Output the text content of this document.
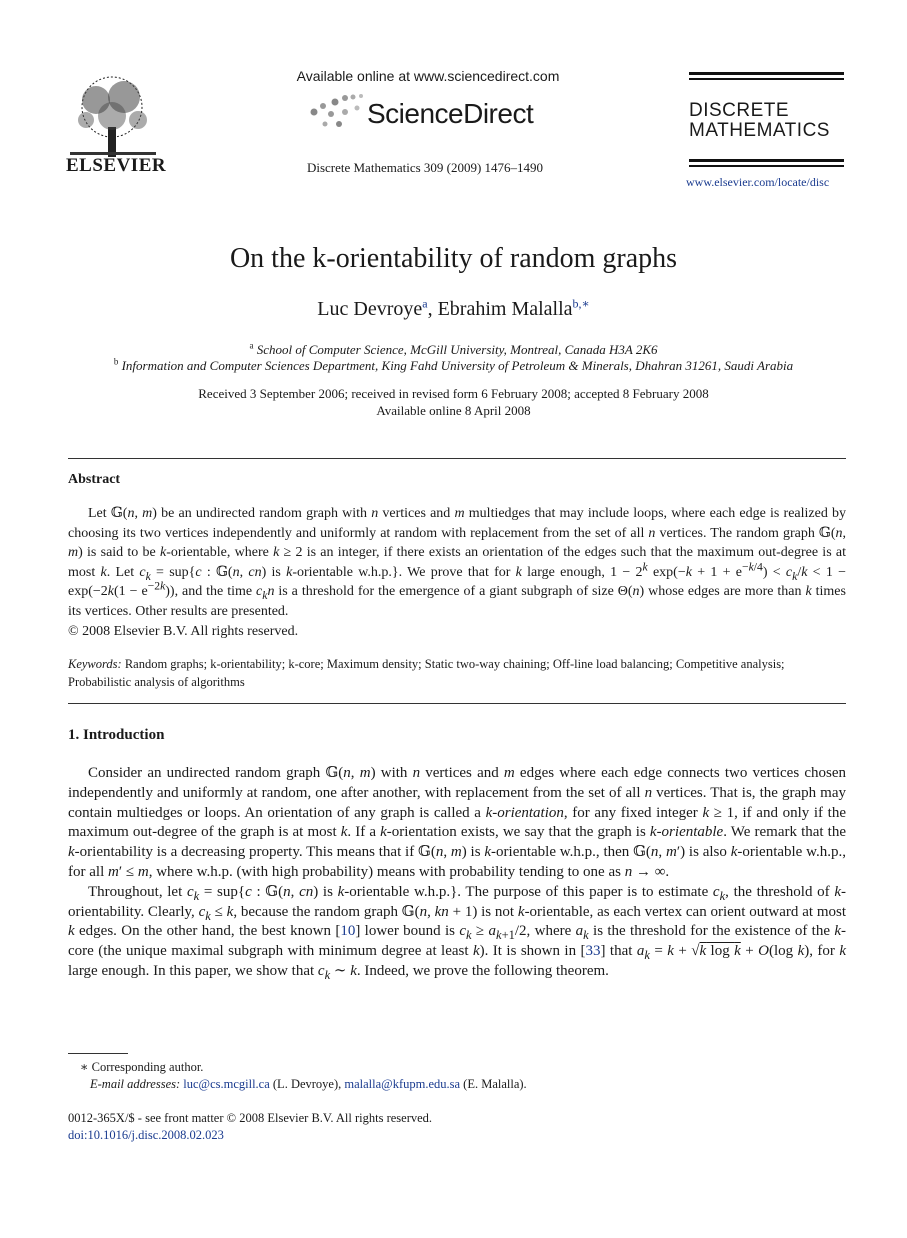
ELSEVIER
Available online at www.sciencedirect.com
ScienceDirect
Discrete Mathematics 309 (2009) 1476–1490
DISCRETE
MATHEMATICS
www.elsevier.com/locate/disc
On the k-orientability of random graphs
Luc Devroye$^a$, Ebrahim Malalla$^{b,∗}$
$^a$ School of Computer Science, McGill University, Montreal, Canada H3A 2K6
$^b$ Information and Computer Sciences Department, King Fahd University of Petroleum & Minerals, Dhahran 31261, Saudi Arabia
Received 3 September 2006; received in revised form 6 February 2008; accepted 8 February 2008
Available online 8 April 2008
Abstract

Let 𝔾(n, m) be an undirected random graph with n vertices and m multiedges that may include loops, where each edge is realized by choosing its two vertices independently and uniformly at random with replacement from the set of all n vertices. The random graph 𝔾(n, m) is said to be k-orientable, where k ≥ 2 is an integer, if there exists an orientation of the edges such that the maximum out-degree is at most k. Let $c_k = sup\{c$ : 𝔾(n, cn) is k-orientable w.h.p.}. We prove that for k large enough, $1 - 2^k$ $\exp(-k + 1 + e^{-k/4}) < c_k/k < 1 - \exp(-2k(1 - e^{-2k}))$, and the time $c_kn$ is a threshold for the emergence of a giant subgraph of size Θ(n) whose edges are more than k times its vertices. Other results are presented.

© 2008 Elsevier B.V. All rights reserved.
Keywords: Random graphs; k-orientability; k-core; Maximum density; Static two-way chaining; Off-line load balancing; Competitive analysis; Probabilistic analysis of algorithms
1. Introduction

Consider an undirected random graph 𝔾(n, m) with n vertices and m edges where each edge connects two vertices chosen independently and uniformly at random, one after another, with replacement from the set of all n vertices. That is, the graph may contain multiedges or loops. An orientation of any graph is called a k-orientation, for any fixed integer k ≥ 1, if and only if the maximum out-degree of the graph is at most k. If a k-orientation exists, we say that the graph is k-orientable. We remark that the k-orientability is a decreasing property. This means that if 𝔾(n, m) is k-orientable w.h.p., then 𝔾(n, m′) is also k-orientable w.h.p., for all m′ ≤ m, where w.h.p. (with high probability) means with probability tending to one as n → ∞.

Throughout, let $c_k = sup\{c$ : 𝔾(n, cn) is k-orientable w.h.p.}. The purpose of this paper is to estimate $c_k$, the threshold of k-orientability. Clearly, $c_k \le k$, because the random graph 𝔾(n, kn + 1) is not k-orientable, as each vertex can orient outward at most k edges. On the other hand, the best known [10] lower bound is $c_k \ge a_{k+1}/2$, where $a_k$ is the threshold for the existence of the k-core (the unique maximal subgraph with minimum degree at least k). It is shown in [33] that $a_k = k + √k$ log k + O(log k), for k large enough. In this paper, we show that $c_k$ ∼ k. Indeed, we prove the following theorem.

∗ Corresponding author.
E-mail addresses: luc@cs.mcgill.ca (L. Devroye), malalla@kfupm.edu.sa (E. Malalla).
0012-365X/$ - see front matter © 2008 Elsevier B.V. All rights reserved.
doi:10.1016/j.disc.2008.02.023
